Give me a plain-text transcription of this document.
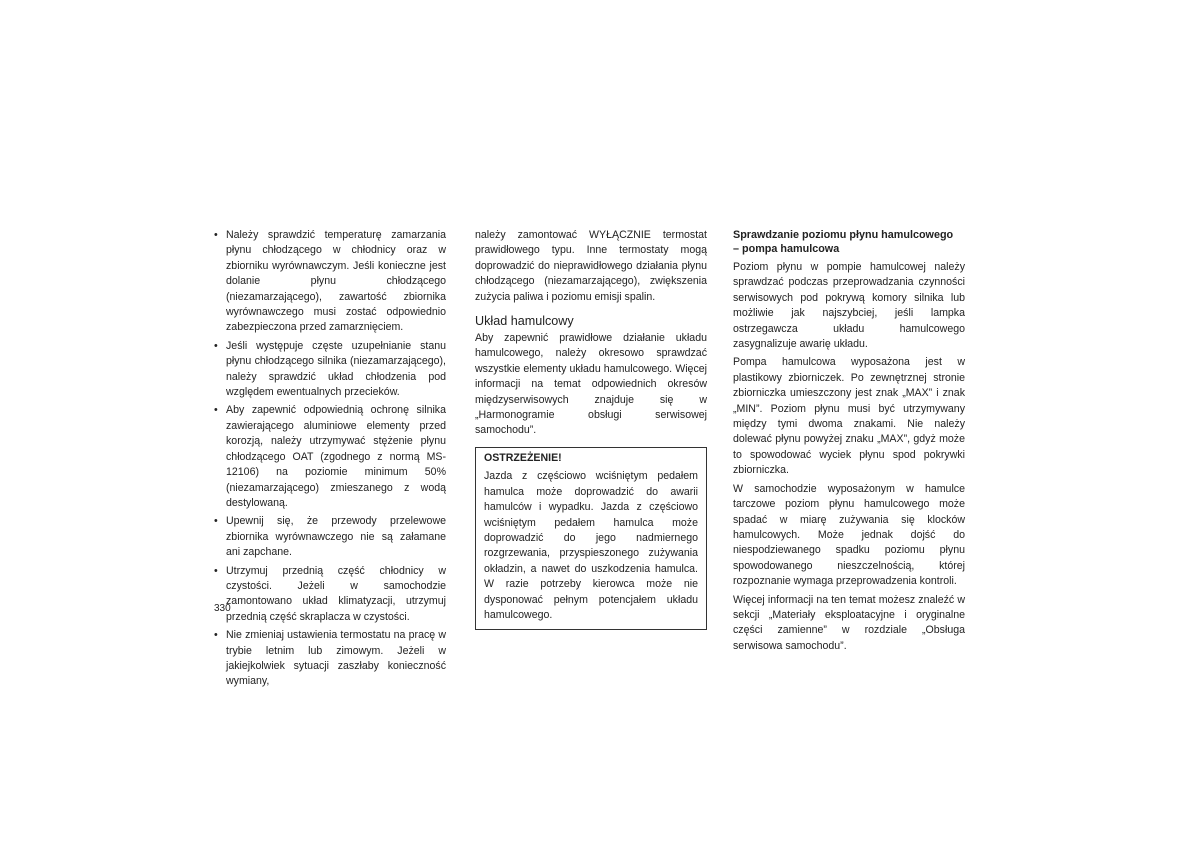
• Należy sprawdzić temperaturę zamarzania płynu chłodzącego w chłodnicy oraz w zbiorniku wyrównawczym. Jeśli konieczne jest dolanie płynu chłodzącego (niezamarzającego), zawartość zbiornika wyrównawczego musi zostać odpowiednio zabezpieczona przed zamarznięciem.
• Jeśli występuje częste uzupełnianie stanu płynu chłodzącego silnika (niezamarzającego), należy sprawdzić układ chłodzenia pod względem ewentualnych przecieków.
• Aby zapewnić odpowiednią ochronę silnika zawierającego aluminiowe elementy przed korozją, należy utrzymywać stężenie płynu chłodzącego OAT (zgodnego z normą MS-12106) na poziomie minimum 50% (niezamarzającego) zmieszanego z wodą destylowaną.
• Upewnij się, że przewody przelewowe zbiornika wyrównawczego nie są załamane ani zapchane.
• Utrzymuj przednią część chłodnicy w czystości. Jeżeli w samochodzie zamontowano układ klimatyzacji, utrzymuj przednią część skraplacza w czystości.
• Nie zmieniaj ustawienia termostatu na pracę w trybie letnim lub zimowym. Jeżeli w jakiejkolwiek sytuacji zaszłaby konieczność wymiany,

należy zamontować WYŁĄCZNIE termostat prawidłowego typu. Inne termostaty mogą doprowadzić do nieprawidłowego działania płynu chłodzącego (niezamarzającego), zwiększenia zużycia paliwa i poziomu emisji spalin.

Układ hamulcowy

Aby zapewnić prawidłowe działanie układu hamulcowego, należy okresowo sprawdzać wszystkie elementy układu hamulcowego. Więcej informacji na temat odpowiednich okresów międzyserwisowych znajduje się w „Harmonogramie obsługi serwisowej samochodu”.

OSTRZEŻENIE!
Jazda z częściowo wciśniętym pedałem hamulca może doprowadzić do awarii hamulców i wypadku. Jazda z częściowo wciśniętym pedałem hamulca może doprowadzić do jego nadmiernego rozgrzewania, przyspieszonego zużywania okładzin, a nawet do uszkodzenia hamulca. W razie potrzeby kierowca może nie dysponować pełnym potencjałem układu hamulcowego.
Sprawdzanie poziomu płynu hamulcowego
– pompa hamulcowa

Poziom płynu w pompie hamulcowej należy sprawdzać podczas przeprowadzania czynności serwisowych pod pokrywą komory silnika lub możliwie jak najszybciej, jeśli lampka ostrzegawcza układu hamulcowego zasygnalizuje awarię układu.

Pompa hamulcowa wyposażona jest w plastikowy zbiorniczek. Po zewnętrznej stronie zbiorniczka umieszczony jest znak „MAX” i znak „MIN”. Poziom płynu musi być utrzymywany między tymi dwoma znakami. Nie należy dolewać płynu powyżej znaku „MAX”, gdyż może to spowodować wyciek płynu spod pokrywki zbiorniczka.

W samochodzie wyposażonym w hamulce tarczowe poziom płynu hamulcowego może spadać w miarę zużywania się klocków hamulcowych. Może jednak dojść do niespodziewanego spadku poziomu płynu spowodowanego nieszczelnością, której rozpoznanie wymaga przeprowadzenia kontroli.

Więcej informacji na ten temat możesz znaleźć w sekcji „Materiały eksploatacyjne i oryginalne części zamienne” w rozdziale „Obsługa serwisowa samochodu”.

330
